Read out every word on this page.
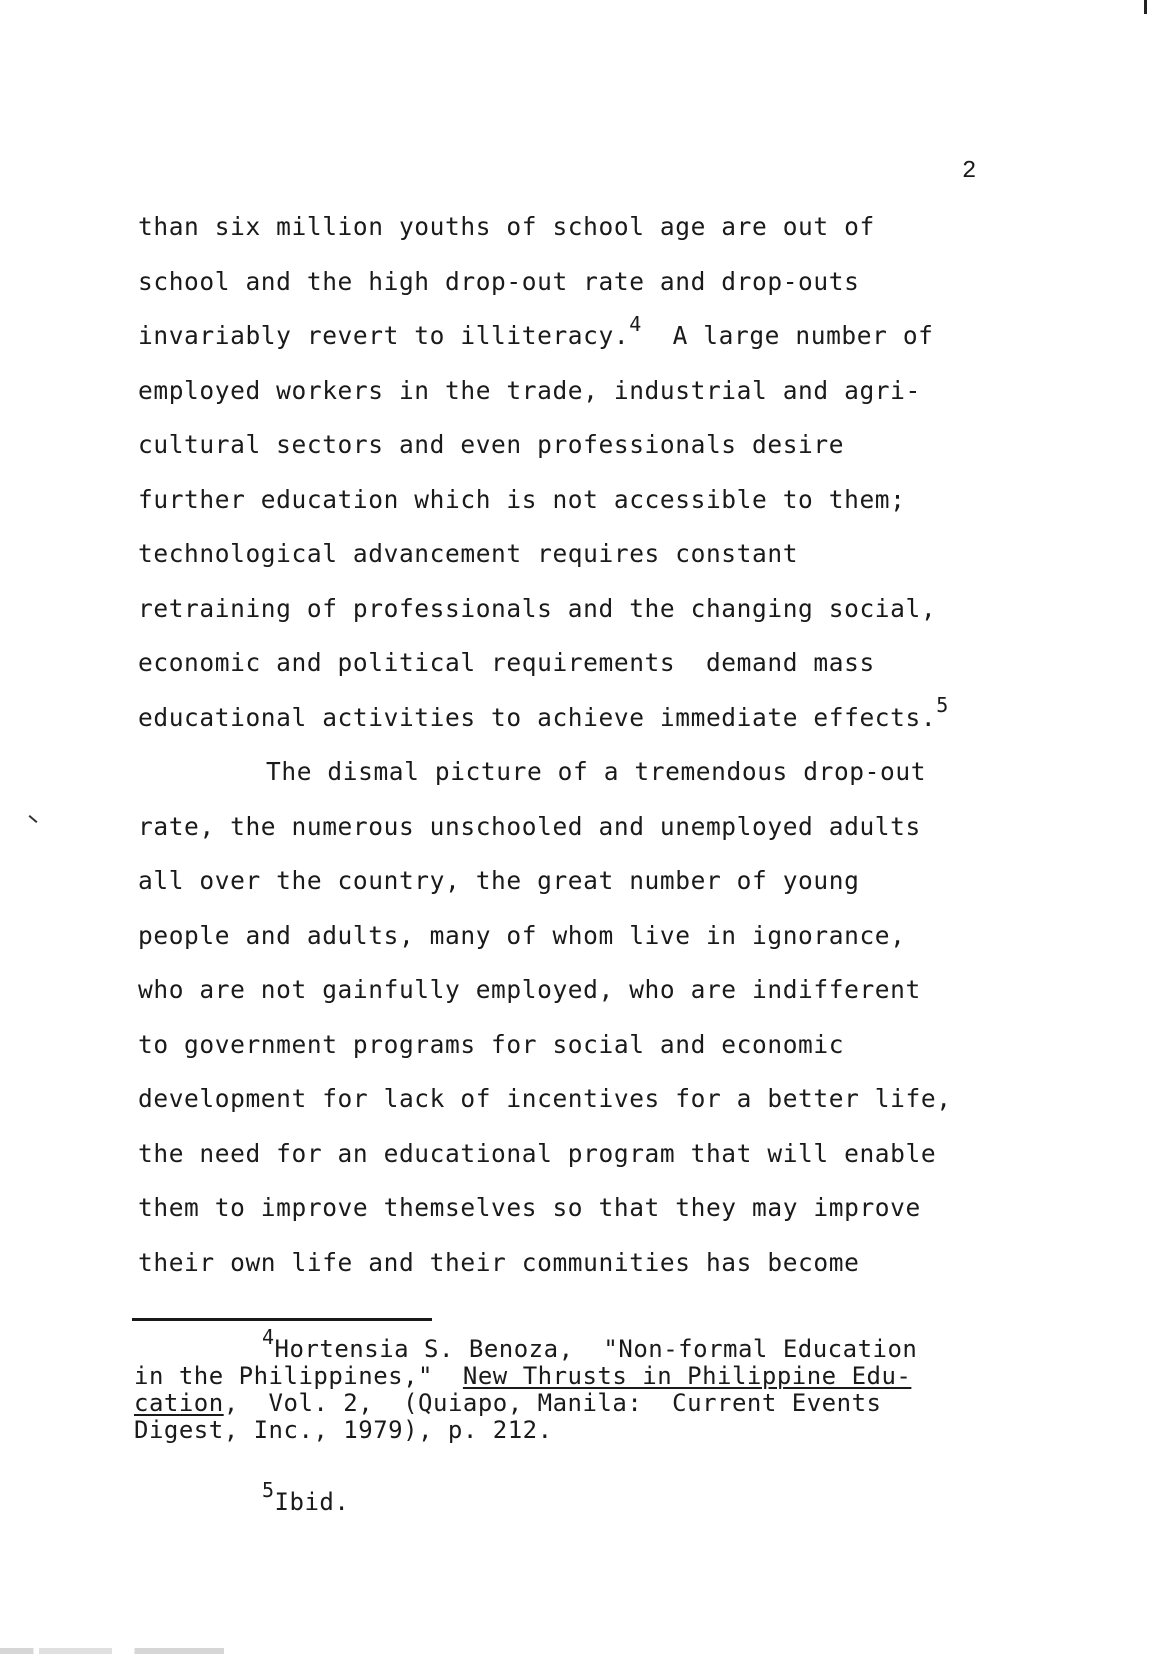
2
than six million youths of school age are out of
school and the high drop-out rate and drop-outs
invariably revert to illiteracy.$^4$  A large number of
employed workers in the trade, industrial and agri-
cultural sectors and even professionals desire
further education which is not accessible to them;
technological advancement requires constant
retraining of professionals and the changing social,
economic and political requirements  demand mass
educational activities to achieve immediate effects.$^5$
The dismal picture of a tremendous drop-out
rate, the numerous unschooled and unemployed adults
all over the country, the great number of young
people and adults, many of whom live in ignorance,
who are not gainfully employed, who are indifferent
to government programs for social and economic
development for lack of incentives for a better life,
the need for an educational program that will enable
them to improve themselves so that they may improve
their own life and their communities has become
$^4$Hortensia S. Benoza,  "Non-formal Education
in the Philippines,"  New Thrusts in Philippine Edu-
cation,  Vol. 2,  (Quiapo, Manila:  Current Events
Digest, Inc., 1979), p. 212.
$^5$Ibid.
